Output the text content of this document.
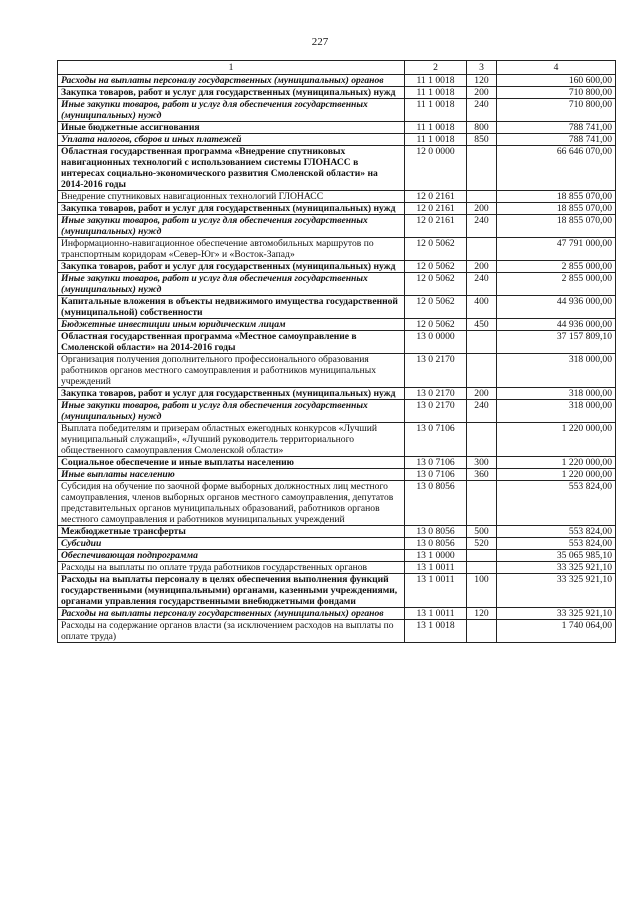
227
1	2	3	4
Расходы на выплаты персоналу государственных (муниципальных) органов	11 1 0018	120	160 600,00
Закупка товаров, работ и услуг для государственных (муниципальных) нужд	11 1 0018	200	710 800,00
Иные закупки товаров, работ и услуг для обеспечения государственных (муниципальных) нужд	11 1 0018	240	710 800,00
Иные бюджетные ассигнования	11 1 0018	800	788 741,00
Уплата налогов, сборов и иных платежей	11 1 0018	850	788 741,00
Областная государственная программа «Внедрение спутниковых навигационных технологий с использованием системы ГЛОНАСС в интересах социально-экономического развития Смоленской области» на 2014-2016 годы	12 0 0000		66 646 070,00
Внедрение спутниковых навигационных технологий ГЛОНАСС	12 0 2161		18 855 070,00
Закупка товаров, работ и услуг для государственных (муниципальных) нужд	12 0 2161	200	18 855 070,00
Иные закупки товаров, работ и услуг для обеспечения государственных (муниципальных) нужд	12 0 2161	240	18 855 070,00
Информационно-навигационное обеспечение автомобильных маршрутов по транспортным коридорам «Север-Юг» и «Восток-Запад»	12 0 5062		47 791 000,00
Закупка товаров, работ и услуг для государственных (муниципальных) нужд	12 0 5062	200	2 855 000,00
Иные закупки товаров, работ и услуг для обеспечения государственных (муниципальных) нужд	12 0 5062	240	2 855 000,00
Капитальные вложения в объекты недвижимого имущества государственной (муниципальной) собственности	12 0 5062	400	44 936 000,00
Бюджетные инвестиции иным юридическим лицам	12 0 5062	450	44 936 000,00
Областная государственная программа «Местное самоуправление в Смоленской области» на 2014-2016 годы	13 0 0000		37 157 809,10
Организация получения дополнительного профессионального образования работников органов местного самоуправления и работников муниципальных учреждений	13 0 2170		318 000,00
Закупка товаров, работ и услуг для государственных (муниципальных) нужд	13 0 2170	200	318 000,00
Иные закупки товаров, работ и услуг для обеспечения государственных (муниципальных) нужд	13 0 2170	240	318 000,00
Выплата победителям и призерам областных ежегодных конкурсов «Лучший муниципальный служащий», «Лучший руководитель территориального общественного самоуправления Смоленской области»	13 0 7106		1 220 000,00
Социальное обеспечение и иные выплаты населению	13 0 7106	300	1 220 000,00
Иные выплаты населению	13 0 7106	360	1 220 000,00
Субсидия на обучение по заочной форме выборных должностных лиц местного самоуправления, членов выборных органов местного самоуправления, депутатов представительных органов муниципальных образований, работников органов местного самоуправления и работников муниципальных учреждений	13 0 8056		553 824,00
Межбюджетные трансферты	13 0 8056	500	553 824,00
Субсидии	13 0 8056	520	553 824,00
Обеспечивающая подпрограмма	13 1 0000		35 065 985,10
Расходы на выплаты по оплате труда работников государственных органов	13 1 0011		33 325 921,10
Расходы на выплаты персоналу в целях обеспечения выполнения функций государственными (муниципальными) органами, казенными учреждениями, органами управления государственными внебюджетными фондами	13 1 0011	100	33 325 921,10
Расходы на выплаты персоналу государственных (муниципальных) органов	13 1 0011	120	33 325 921,10
Расходы на содержание органов власти (за исключением расходов на выплаты по оплате труда)	13 1 0018		1 740 064,00
